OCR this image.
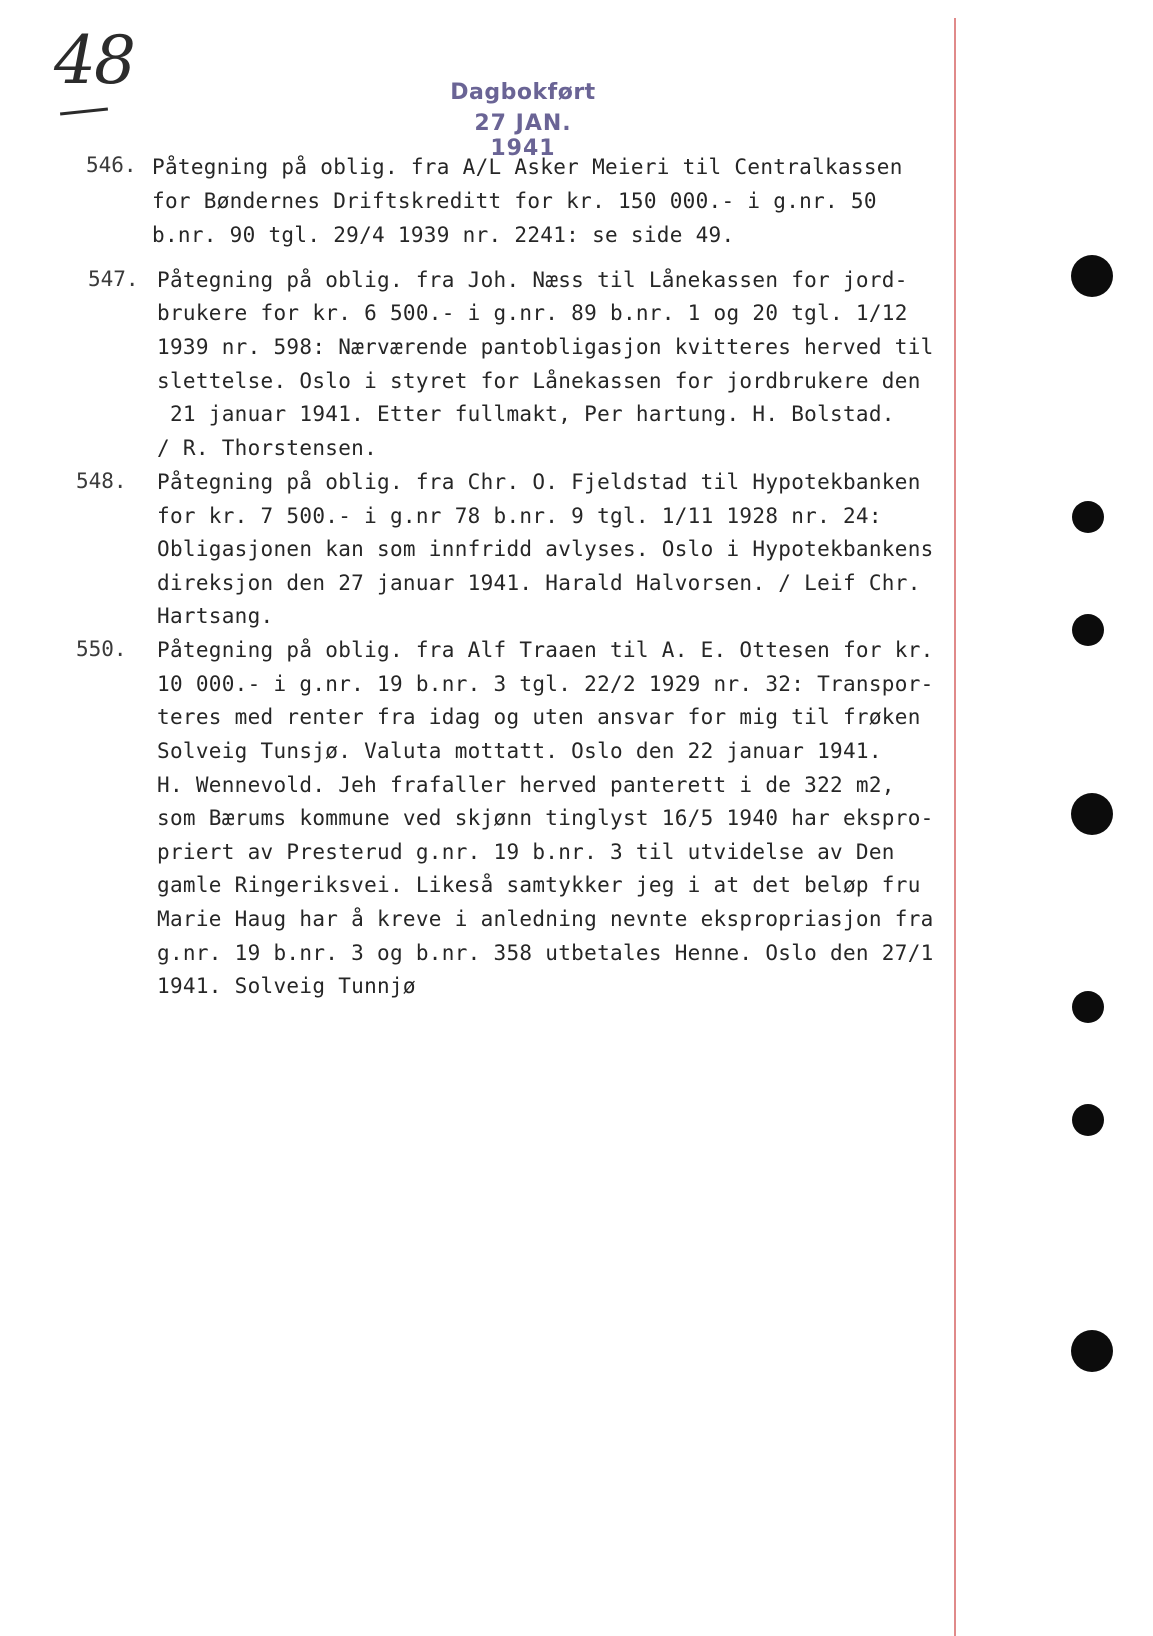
48	Dagbokført
27 JAN. 1941
546. Påtegning på oblig. fra A/L Asker Meieri til Centralkassen
for Bøndernes Driftskreditt for kr. 150 000.- i g.nr. 50
b.nr. 90 tgl. 29/4 1939 nr. 2241: se side 49.
547. Påtegning på oblig. fra Joh. Næss til Lånekassen for jord-
brukere for kr. 6 500.- i g.nr. 89 b.nr. 1 og 20 tgl. 1/12
1939 nr. 598: Nærværende pantobligasjon kvitteres herved til
slettelse. Oslo i styret for Lånekassen for jordbrukere den
21 januar 1941. Etter fullmakt, Per hartung. H. Bolstad.
/ R. Thorstensen.
548. Påtegning på oblig. fra Chr. O. Fjeldstad til Hypotekbanken
for kr. 7 500.- i g.nr 78 b.nr. 9 tgl. 1/11 1928 nr. 24:
Obligasjonen kan som innfridd avlyses. Oslo i Hypotekbankens
direksjon den 27 januar 1941. Harald Halvorsen. / Leif Chr.
Hartsang.
550. Påtegning på oblig. fra Alf Traaen til A. E. Ottesen for kr.
10 000.- i g.nr. 19 b.nr. 3 tgl. 22/2 1929 nr. 32: Transpor-
teres med renter fra idag og uten ansvar for mig til frøken
Solveig Tunsjø. Valuta mottatt. Oslo den 22 januar 1941.
H. Wennevold. Jeh frafaller herved panterett i de 322 m2,
som Bærums kommune ved skjønn tinglyst 16/5 1940 har ekspro-
priert av Presterud g.nr. 19 b.nr. 3 til utvidelse av Den
gamle Ringeriksvei. Likeså samtykker jeg i at det beløp fru
Marie Haug har å kreve i anledning nevnte ekspropriasjon fra
g.nr. 19 b.nr. 3 og b.nr. 358 utbetales Henne. Oslo den 27/1
1941. Solveig Tunnjø
